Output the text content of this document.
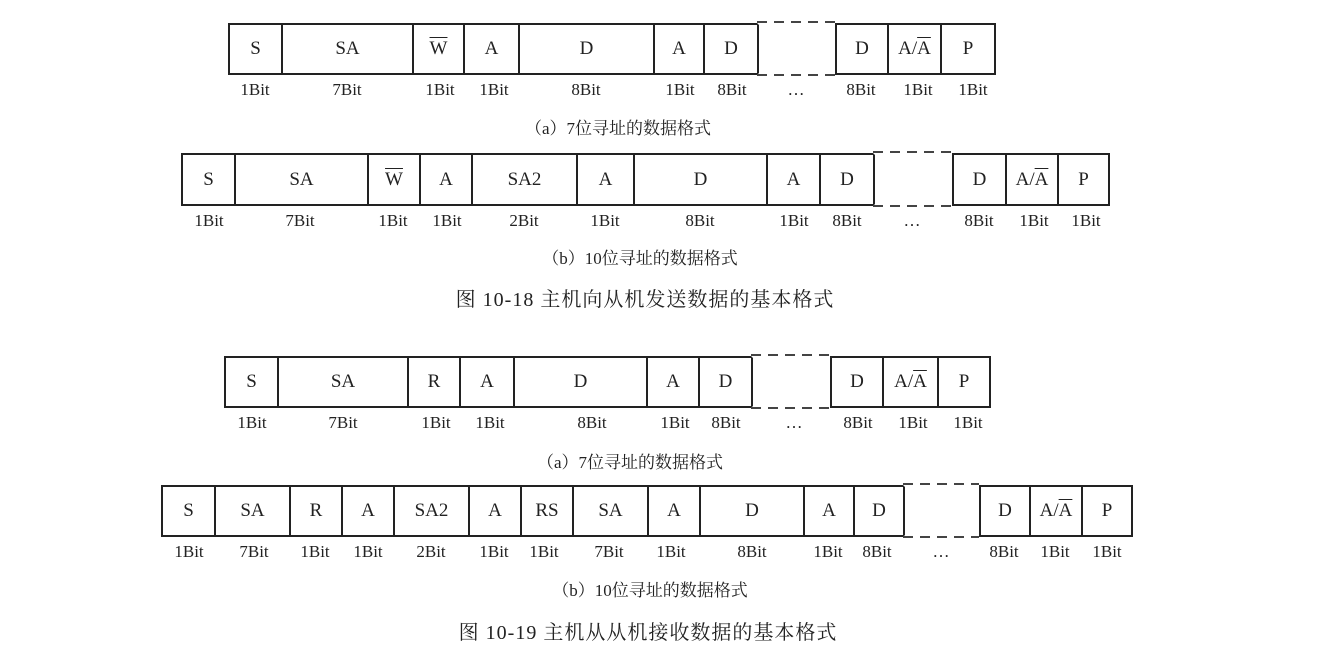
S	SA	$\overline{W}$	A	D	A	D	D	$A/\overline{A}$	P
1Bit	7Bit	1Bit 1Bit	8Bit	1Bit 8Bit … 8Bit 1Bit 1Bit
（a）7位寻址的数据格式
S	SA	$\overline{W}$	A	SA2	A	D	A	D	D	$A/\overline{A}$	P
1Bit	7Bit	1Bit 1Bit	2Bit	1Bit	8Bit	1Bit 8Bit …	8Bit 1Bit 1Bit
（b）10位寻址的数据格式
图 10-18 主机向从机发送数据的基本格式
S	SA	R	A	D	A	D	D	$A/\overline{A}$	P
1Bit	7Bit	1Bit 1Bit	8Bit	1Bit 8Bit	… 8Bit 1Bit 1Bit
（a）7位寻址的数据格式
S	SA	R	A	SA2	A	RS	SA	A	D	A	D	D	$A/\overline{A}$	P
1Bit 7Bit 1Bit 1Bit 2Bit 1Bit 1Bit 7Bit 1Bit	8Bit	1Bit 8Bit … 8Bit 1Bit 1Bit
（b）10位寻址的数据格式
图 10-19 主机从从机接收数据的基本格式
